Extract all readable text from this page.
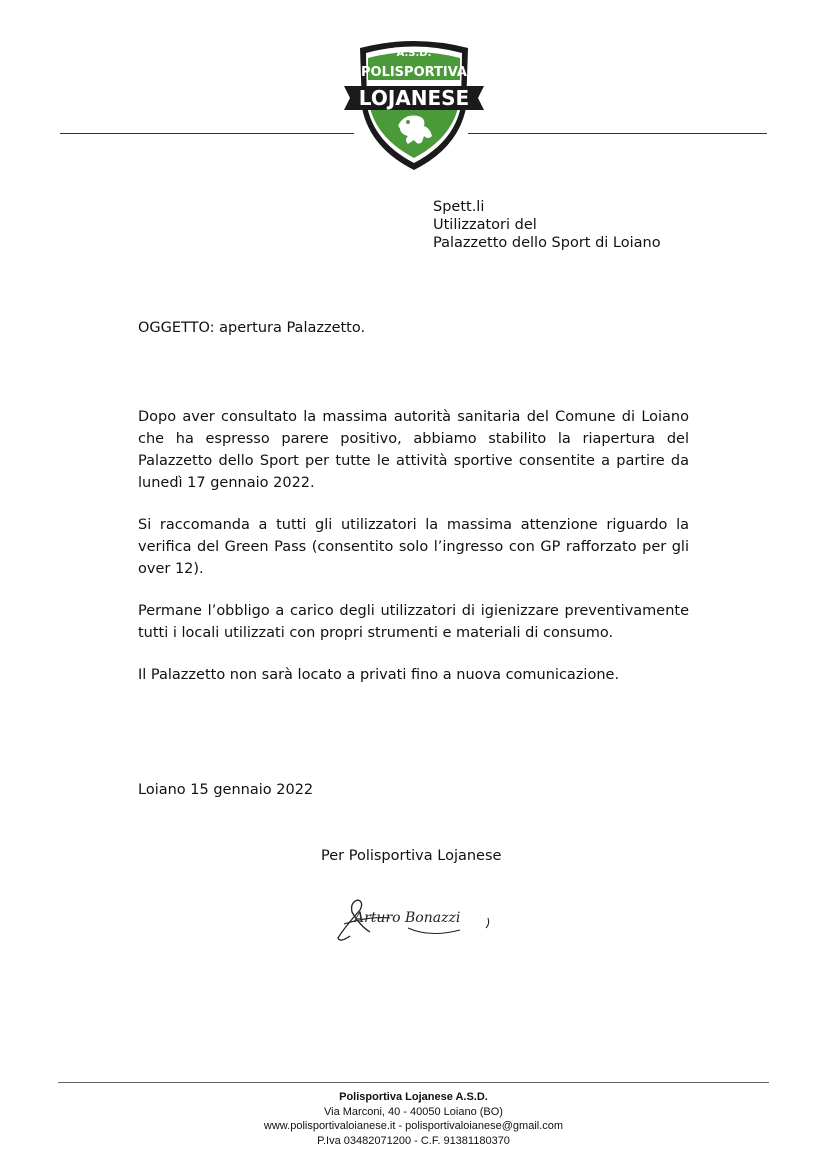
A.S.D.
POLISPORTIVA
LOJANESE
Spett.li
Utilizzatori del
Palazzetto dello Sport di Loiano
OGGETTO: apertura Palazzetto.

Dopo aver consultato la massima autorità sanitaria del Comune di Loiano che ha espresso parere positivo, abbiamo stabilito la riapertura del Palazzetto dello Sport per tutte le attività sportive consentite a partire da lunedì 17 gennaio 2022.

Si raccomanda a tutti gli utilizzatori la massima attenzione riguardo la verifica del Green Pass (consentito solo l’ingresso con GP rafforzato per gli over 12).

Permane l’obbligo a carico degli utilizzatori di igienizzare preventivamente tutti i locali utilizzati con propri strumenti e materiali di consumo.

Il Palazzetto non sarà locato a privati fino a nuova comunicazione.

Loiano 15 gennaio 2022
Per Polisportiva Lojanese
Arturo Bonazzi
Polisportiva Lojanese A.S.D.
Via Marconi, 40 - 40050 Loiano (BO)
www.polisportivaloianese.it - polisportivaloianese@gmail.com
P.Iva 03482071200 - C.F. 91381180370
